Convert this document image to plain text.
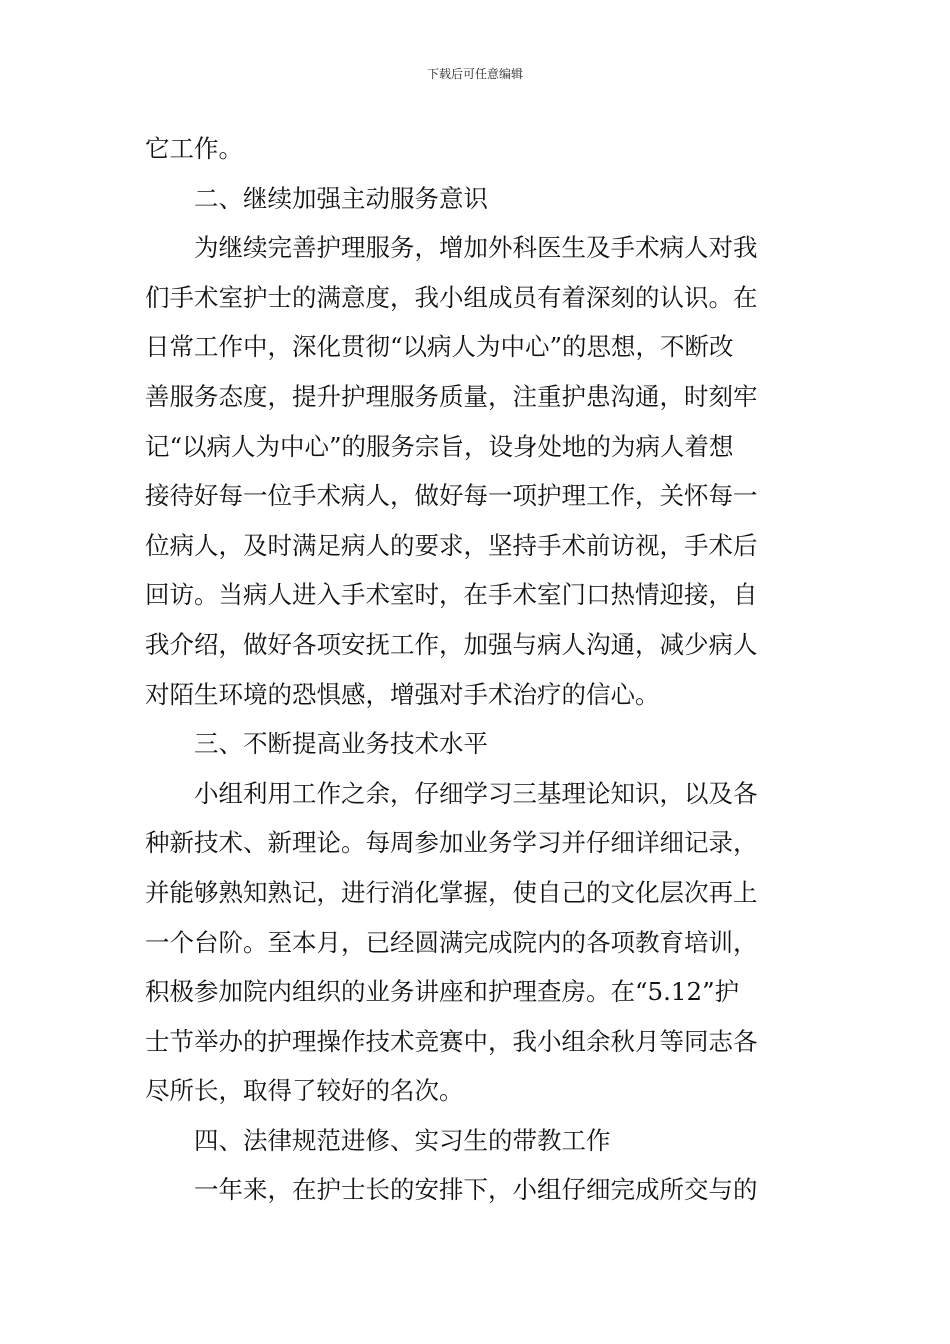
下载后可任意编辑
它工作。
二、继续加强主动服务意识
为继续完善护理服务，增加外科医生及手术病人对我
们手术室护士的满意度，我小组成员有着深刻的认识。在
日常工作中，深化贯彻“以病人为中心”的思想，不断改
善服务态度，提升护理服务质量，注重护患沟通，时刻牢
记“以病人为中心”的服务宗旨，设身处地的为病人着想
接待好每一位手术病人，做好每一项护理工作，关怀每一
位病人，及时满足病人的要求，坚持手术前访视，手术后
回访。当病人进入手术室时，在手术室门口热情迎接，自
我介绍，做好各项安抚工作，加强与病人沟通，减少病人
对陌生环境的恐惧感，增强对手术治疗的信心。
三、不断提高业务技术水平
小组利用工作之余，仔细学习三基理论知识，以及各
种新技术、新理论。每周参加业务学习并仔细详细记录，
并能够熟知熟记，进行消化掌握，使自己的文化层次再上
一个台阶。至本月，已经圆满完成院内的各项教育培训，
积极参加院内组织的业务讲座和护理查房。在“5.12”护
士节举办的护理操作技术竞赛中，我小组余秋月等同志各
尽所长，取得了较好的名次。
四、法律规范进修、实习生的带教工作
一年来，在护士长的安排下，小组仔细完成所交与的
